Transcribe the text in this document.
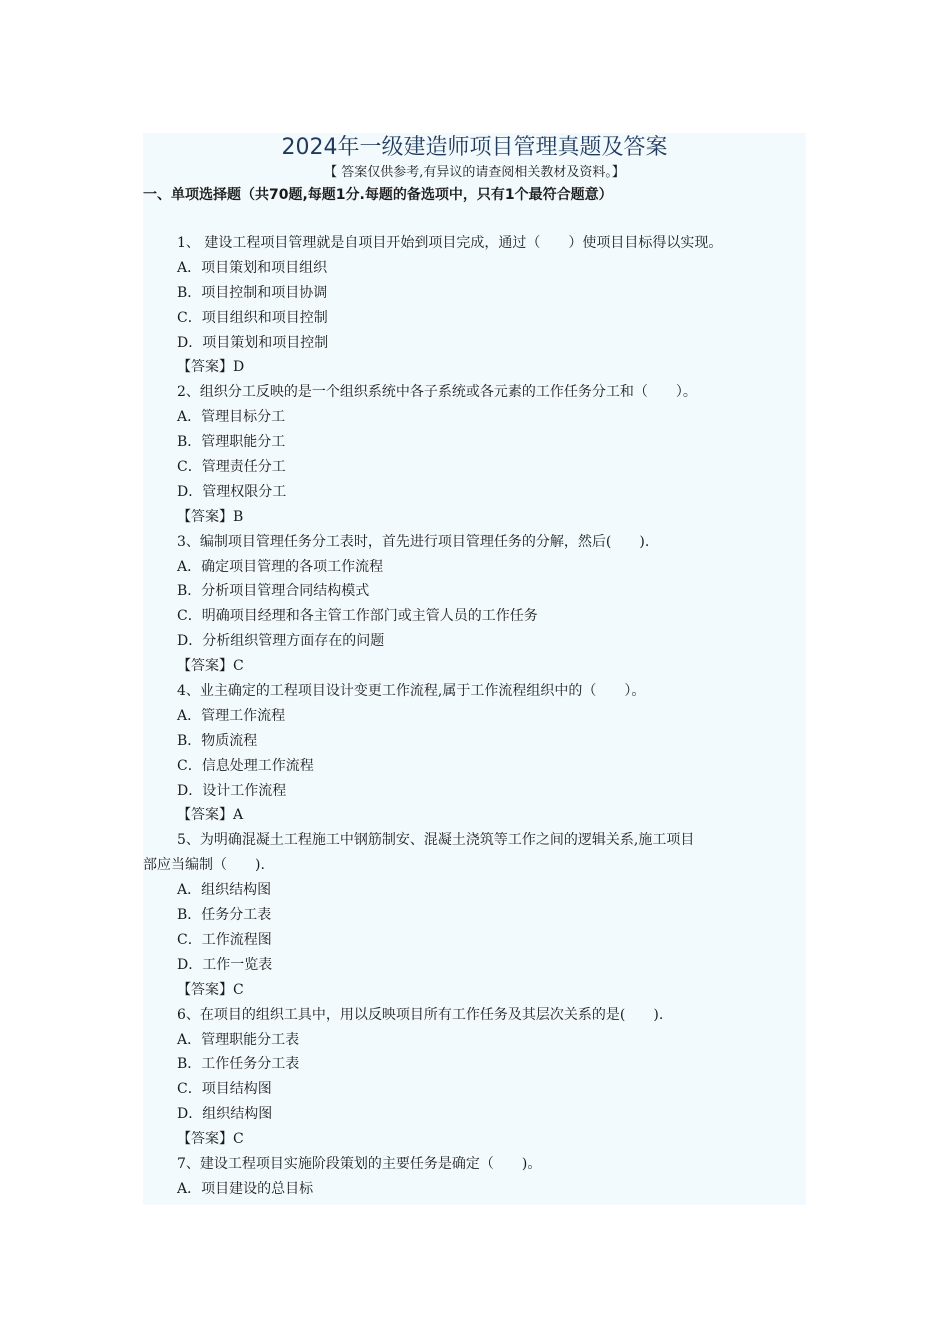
2024年一级建造师项目管理真题及答案
【 答案仅供参考,有异议的请查阅相关教材及资料。】
一、单项选择题（共70题,每题1分.每题的备选项中，只有1个最符合题意）
1、 建设工程项目管理就是自项目开始到项目完成，通过（　　）使项目目标得以实现。
A．项目策划和项目组织
B．项目控制和项目协调
C．项目组织和项目控制
D．项目策划和项目控制
【答案】D
2、组织分工反映的是一个组织系统中各子系统或各元素的工作任务分工和（　　）。
A．管理目标分工
B．管理职能分工
C．管理责任分工
D．管理权限分工
【答案】B
3、编制项目管理任务分工表时，首先进行项目管理任务的分解，然后(　　).
A．确定项目管理的各项工作流程
B．分析项目管理合同结构模式
C．明确项目经理和各主管工作部门或主管人员的工作任务
D．分析组织管理方面存在的问题
【答案】C
4、业主确定的工程项目设计变更工作流程,属于工作流程组织中的（　　）。
A．管理工作流程
B．物质流程
C．信息处理工作流程
D．设计工作流程
【答案】A
5、为明确混凝土工程施工中钢筋制安、混凝土浇筑等工作之间的逻辑关系,施工项目
部应当编制（　　).
A．组织结构图
B．任务分工表
C．工作流程图
D．工作一览表
【答案】C
6、在项目的组织工具中，用以反映项目所有工作任务及其层次关系的是(　　).
A．管理职能分工表
B．工作任务分工表
C．项目结构图
D．组织结构图
【答案】C
7、建设工程项目实施阶段策划的主要任务是确定（　　)。
A．项目建设的总目标
